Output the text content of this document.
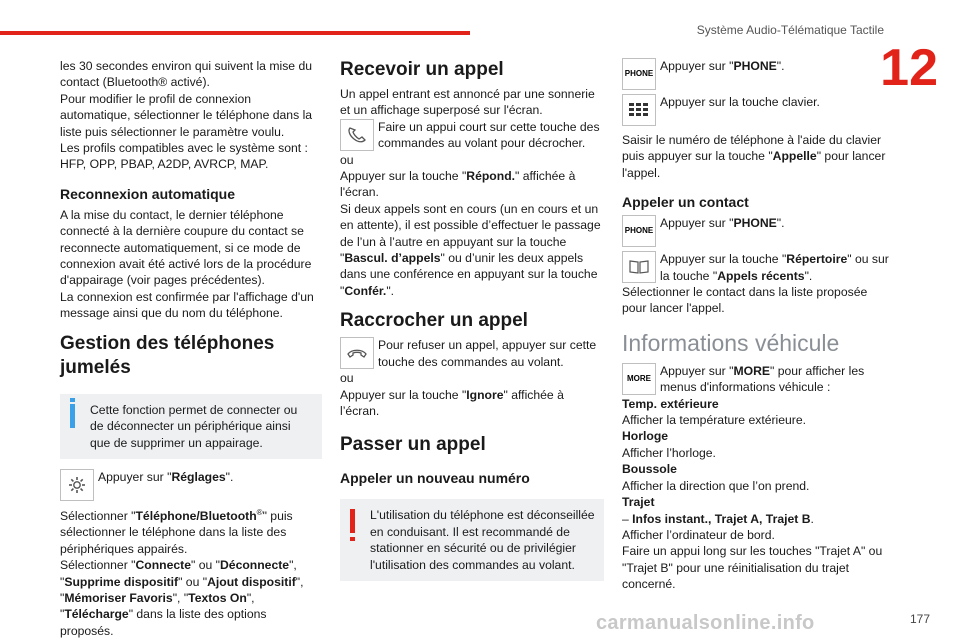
Système Audio-Télématique Tactile
12

les 30 secondes environ qui suivent la mise du contact (Bluetooth® activé).

Pour modifier le profil de connexion automatique, sélectionner le téléphone dans la liste puis sélectionner le paramètre voulu.

Les profils compatibles avec le système sont : HFP, OPP, PBAP, A2DP, AVRCP, MAP.

Reconnexion automatique

A la mise du contact, le dernier téléphone connecté à la dernière coupure du contact se reconnecte automatiquement, si ce mode de connexion avait été activé lors de la procédure d'appairage (voir pages précédentes).

La connexion est confirmée par l'affichage d'un message ainsi que du nom du téléphone.

Gestion des téléphones jumelés

Cette fonction permet de connecter ou de déconnecter un périphérique ainsi que de supprimer un appairage.

Appuyer sur "Réglages".

Sélectionner "Téléphone/Bluetooth®" puis sélectionner le téléphone dans la liste des périphériques appairés.

Sélectionner "Connecte" ou "Déconnecte", "Supprime dispositif" ou "Ajout dispositif", "Mémoriser Favoris", "Textos On", "Télécharge" dans la liste des options proposés.

Recevoir un appel

Un appel entrant est annoncé par une sonnerie et un affichage superposé sur l'écran.

Faire un appui court sur cette touche des commandes au volant pour décrocher.

ou

Appuyer sur la touche "Répond." affichée à l'écran.

Si deux appels sont en cours (un en cours et un en attente), il est possible d’effectuer le passage de l’un à l’autre en appuyant sur la touche "Bascul. d’appels" ou d’unir les deux appels dans une conférence en appuyant sur la touche "Confér.".

Raccrocher un appel

Pour refuser un appel, appuyer sur cette touche des commandes au volant.

ou

Appuyer sur la touche "Ignore" affichée à l’écran.

Passer un appel
Appeler un nouveau numéro

L'utilisation du téléphone est déconseillée en conduisant. Il est recommandé de stationner en sécurité ou de privilégier l'utilisation des commandes au volant.

PHONE

Appuyer sur "PHONE".

Appuyer sur la touche clavier.

Saisir le numéro de téléphone à l'aide du clavier puis appuyer sur la touche "Appelle" pour lancer l'appel.

Appeler un contact
PHONE

Appuyer sur "PHONE".

Appuyer sur la touche "Répertoire" ou sur la touche "Appels récents".

Sélectionner le contact dans la liste proposée pour lancer l'appel.

Informations véhicule
MORE

Appuyer sur "MORE" pour afficher les menus d'informations véhicule :

Temp. extérieure

Afficher la température extérieure.

Horloge

Afficher l’horloge.

Boussole

Afficher la direction que l’on prend.

Trajet

– Infos instant., Trajet A, Trajet B.

Afficher l’ordinateur de bord.

Faire un appui long sur les touches "Trajet A" ou "Trajet B" pour une réinitialisation du trajet concerné.

carmanualsonline.info	177
